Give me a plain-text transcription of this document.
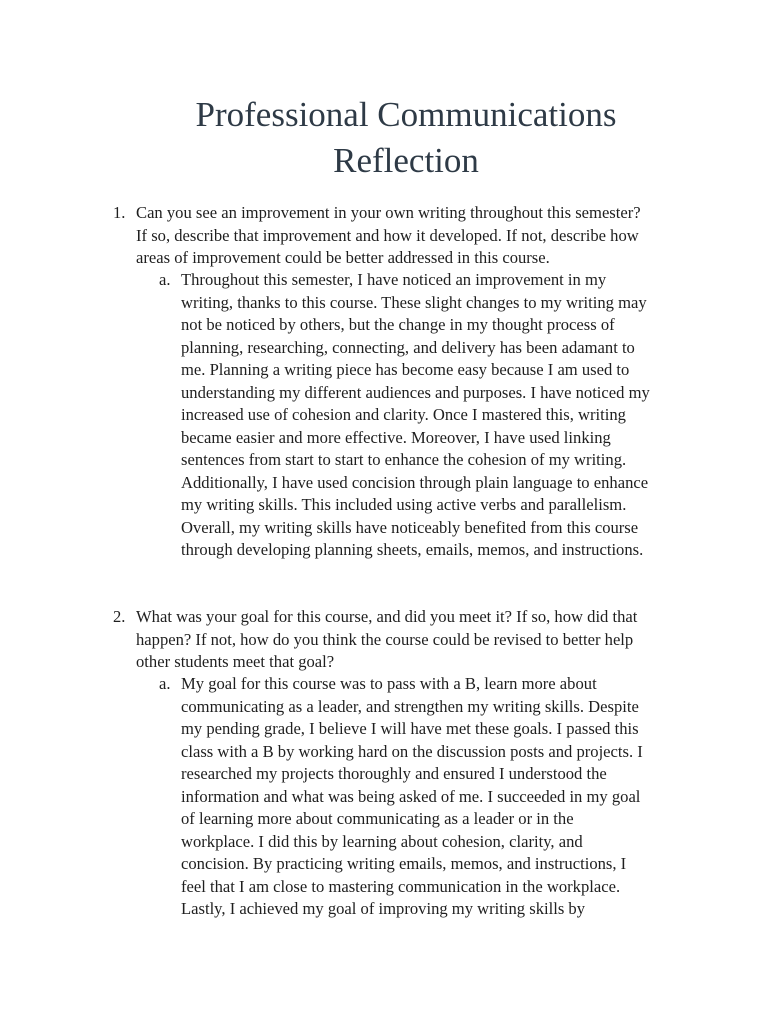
Professional Communications
Reflection
1. Can you see an improvement in your own writing throughout this semester?
If so, describe that improvement and how it developed. If not, describe how
areas of improvement could be better addressed in this course.
a. Throughout this semester, I have noticed an improvement in my
writing, thanks to this course. These slight changes to my writing may
not be noticed by others, but the change in my thought process of
planning, researching, connecting, and delivery has been adamant to
me. Planning a writing piece has become easy because I am used to
understanding my different audiences and purposes. I have noticed my
increased use of cohesion and clarity. Once I mastered this, writing
became easier and more effective. Moreover, I have used linking
sentences from start to start to enhance the cohesion of my writing.
Additionally, I have used concision through plain language to enhance
my writing skills. This included using active verbs and parallelism.
Overall, my writing skills have noticeably benefited from this course
through developing planning sheets, emails, memos, and instructions.
2. What was your goal for this course, and did you meet it? If so, how did that
happen? If not, how do you think the course could be revised to better help
other students meet that goal?
a. My goal for this course was to pass with a B, learn more about
communicating as a leader, and strengthen my writing skills. Despite
my pending grade, I believe I will have met these goals. I passed this
class with a B by working hard on the discussion posts and projects. I
researched my projects thoroughly and ensured I understood the
information and what was being asked of me. I succeeded in my goal
of learning more about communicating as a leader or in the
workplace. I did this by learning about cohesion, clarity, and
concision. By practicing writing emails, memos, and instructions, I
feel that I am close to mastering communication in the workplace.
Lastly, I achieved my goal of improving my writing skills by
